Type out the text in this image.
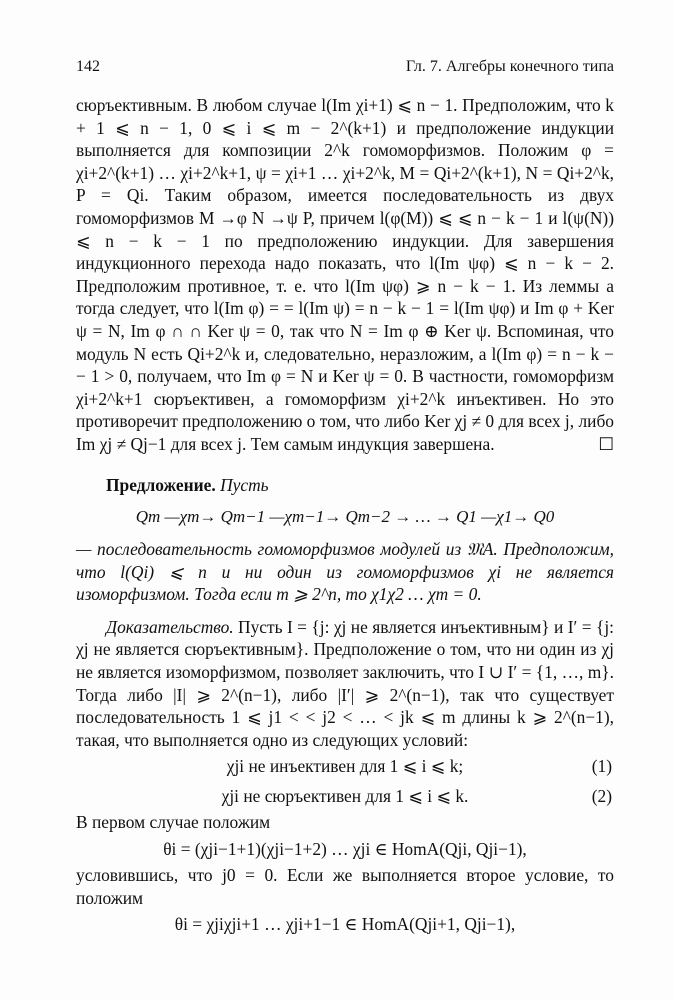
142	Гл. 7. Алгебры конечного типа

сюръективным. В любом случае l(Im χi+1) ⩽ n − 1. Предположим, что k + 1 ⩽ n − 1, 0 ⩽ i ⩽ m − 2^(k+1) и предположение индукции выполняется для композиции 2^k гомоморфизмов. Положим φ = χi+2^(k+1) … χi+2^k+1, ψ = χi+1 … χi+2^k, M = Qi+2^(k+1), N = Qi+2^k, P = Qi. Таким образом, имеется последовательность из двух гомоморфизмов M →φ N →ψ P, причем l(φ(M)) ⩽ ⩽ n − k − 1 и l(ψ(N)) ⩽ n − k − 1 по предположению индукции. Для завершения индукционного перехода надо показать, что l(Im ψφ) ⩽ n − k − 2. Предположим противное, т. е. что l(Im ψφ) ⩾ n − k − 1. Из леммы а тогда следует, что l(Im φ) = = l(Im ψ) = n − k − 1 = l(Im ψφ) и Im φ + Ker ψ = N, Im φ ∩ ∩ Ker ψ = 0, так что N = Im φ ⊕ Ker ψ. Вспоминая, что модуль N есть Qi+2^k и, следовательно, неразложим, а l(Im φ) = n − k − − 1 > 0, получаем, что Im φ = N и Ker ψ = 0. В частности, гомоморфизм χi+2^k+1 сюръективен, а гомоморфизм χi+2^k инъективен. Но это противоречит предположению о том, что либо Ker χj ≠ 0 для всех j, либо Im χj ≠ Qj−1 для всех j. Тем самым индукция завершена.	☐

Предложение. Пусть

Qm —χm→ Qm−1 —χm−1→ Qm−2 → … → Q1 —χ1→ Q0

— последовательность гомоморфизмов модулей из 𝔐A. Предположим, что l(Qi) ⩽ n и ни один из гомоморфизмов χi не является изоморфизмом. Тогда если m ⩾ 2^n, то χ1χ2 … χm = 0.

Доказательство. Пусть I = {j: χj не является инъективным} и I′ = {j: χj не является сюръективным}. Предположение о том, что ни один из χj не является изоморфизмом, позволяет заключить, что I ∪ I′ = {1, …, m}. Тогда либо |I| ⩾ 2^(n−1), либо |I′| ⩾ 2^(n−1), так что существует последовательность 1 ⩽ j1 < < j2 < … < jk ⩽ m длины k ⩾ 2^(n−1), такая, что выполняется одно из следующих условий:

χji не инъективен для 1 ⩽ i ⩽ k;	(1)
χji не сюръективен для 1 ⩽ i ⩽ k.	(2)

В первом случае положим

θi = (χji−1+1)(χji−1+2) … χji ∈ HomA(Qji, Qji−1),

условившись, что j0 = 0. Если же выполняется второе условие, то положим

θi = χjiχji+1 … χji+1−1 ∈ HomA(Qji+1, Qji−1),
